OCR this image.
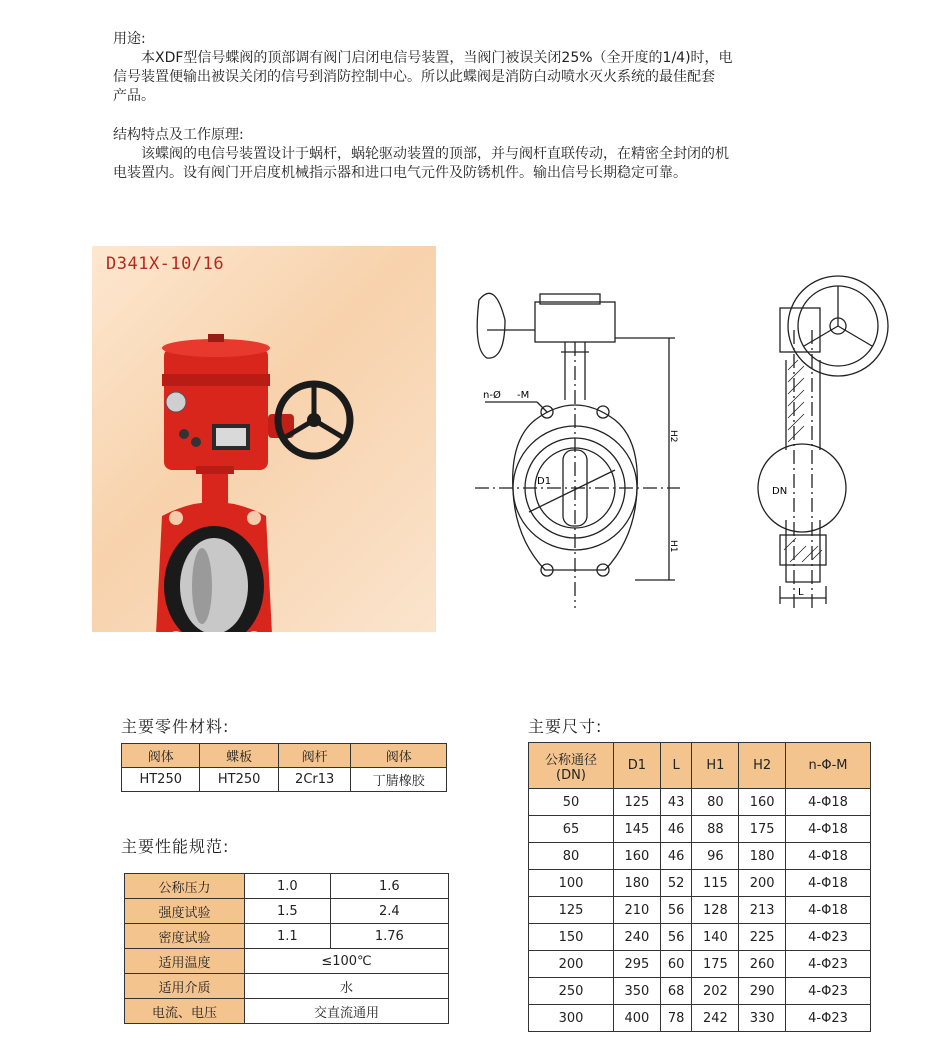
用途:

本XDF型信号蝶阀的顶部调有阀门启闭电信号装置，当阀门被误关闭25%（全开度的1/4)时，电

信号装置便输出被误关闭的信号到消防控制中心。所以此蝶阀是消防白动喷水灭火系统的最佳配套

产品。

结构特点及工作原理:

该蝶阀的电信号装置设计于蜗杆，蜗轮驱动装置的顶部，并与阀杆直联传动，在精密全封闭的机

电装置内。设有阀门开启度机械指示器和进口电气元件及防锈机件。输出信号长期稳定可靠。

D341X-10/16
n-Ø -M
D1
H2
H1
DN
L
主要零件材料:
阀体	蝶板	阀杆	阀体
HT250	HT250	2Cr13	丁腈橡胶
主要性能规范:
公称压力	1.0	1.6
强度试验	1.5	2.4
密度试验	1.1	1.76
适用温度	≤100℃	
适用介质	水	
电流、电压	交直流通用	
主要尺寸:
公称通径
(DN)	D1	L	H1	H2	n-Φ-M
50	125	43	80	160	4-Φ18
65	145	46	88	175	4-Φ18
80	160	46	96	180	4-Φ18
100	180	52	115	200	4-Φ18
125	210	56	128	213	4-Φ18
150	240	56	140	225	4-Φ23
200	295	60	175	260	4-Φ23
250	350	68	202	290	4-Φ23
300	400	78	242	330	4-Φ23
